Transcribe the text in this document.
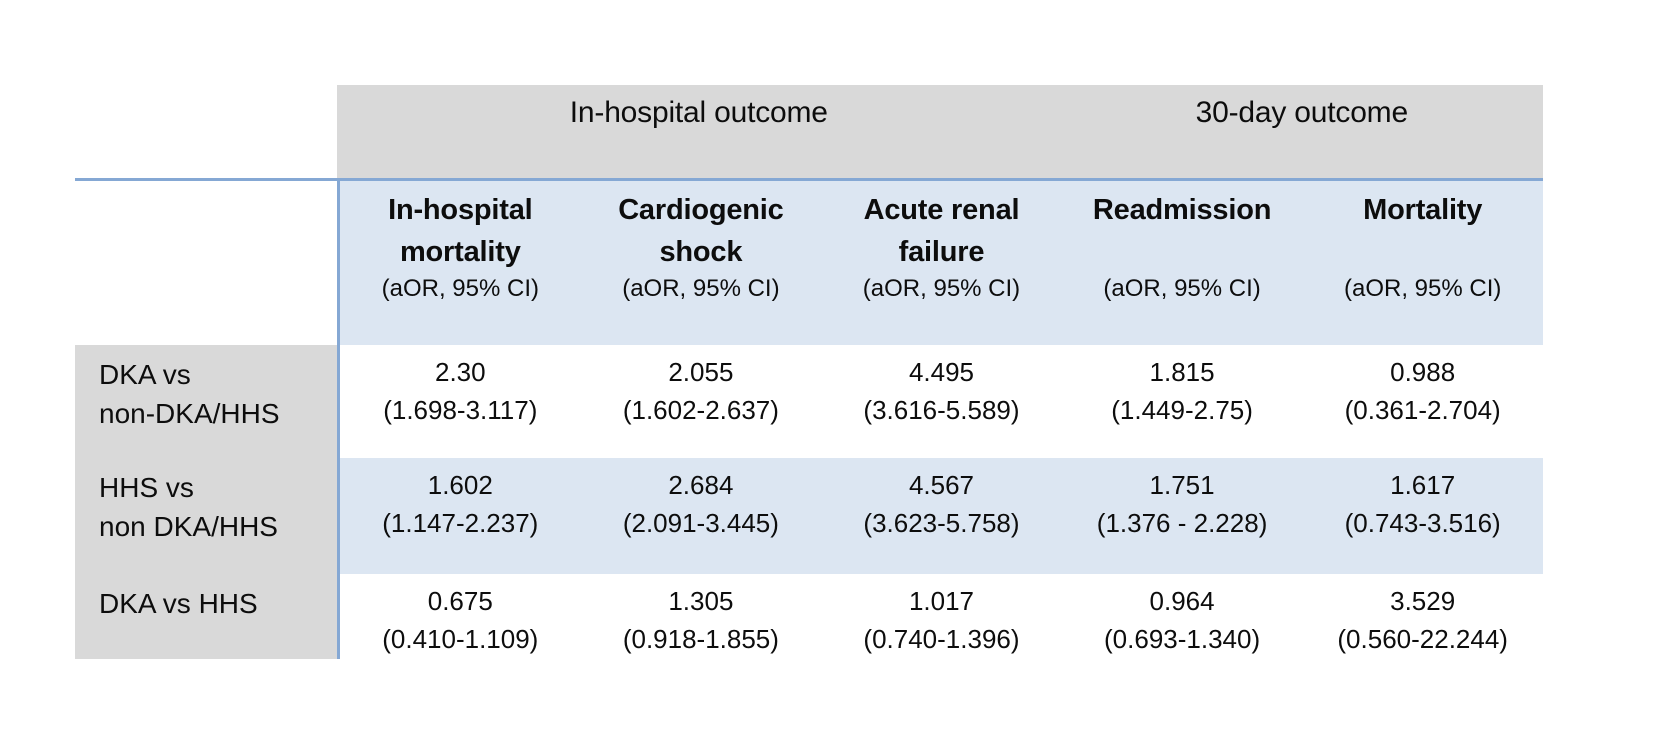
In-hospital outcome	30-day outcome
In-hospital
mortality
(aOR, 95% CI)
Cardiogenic
shock
(aOR, 95% CI)
Acute renal
failure
(aOR, 95% CI)
Readmission
(aOR, 95% CI)
Mortality
(aOR, 95% CI)
DKA vs
non-DKA/HHS
2.30
(1.698-3.117)
2.055
(1.602-2.637)
4.495
(3.616-5.589)
1.815
(1.449-2.75)
0.988
(0.361-2.704)
HHS vs
non DKA/HHS
1.602
(1.147-2.237)
2.684
(2.091-3.445)
4.567
(3.623-5.758)
1.751
(1.376 - 2.228)
1.617
(0.743-3.516)
DKA vs HHS	0.675
(0.410-1.109)
1.305
(0.918-1.855)
1.017
(0.740-1.396)
0.964
(0.693-1.340)
3.529
(0.560-22.244)
